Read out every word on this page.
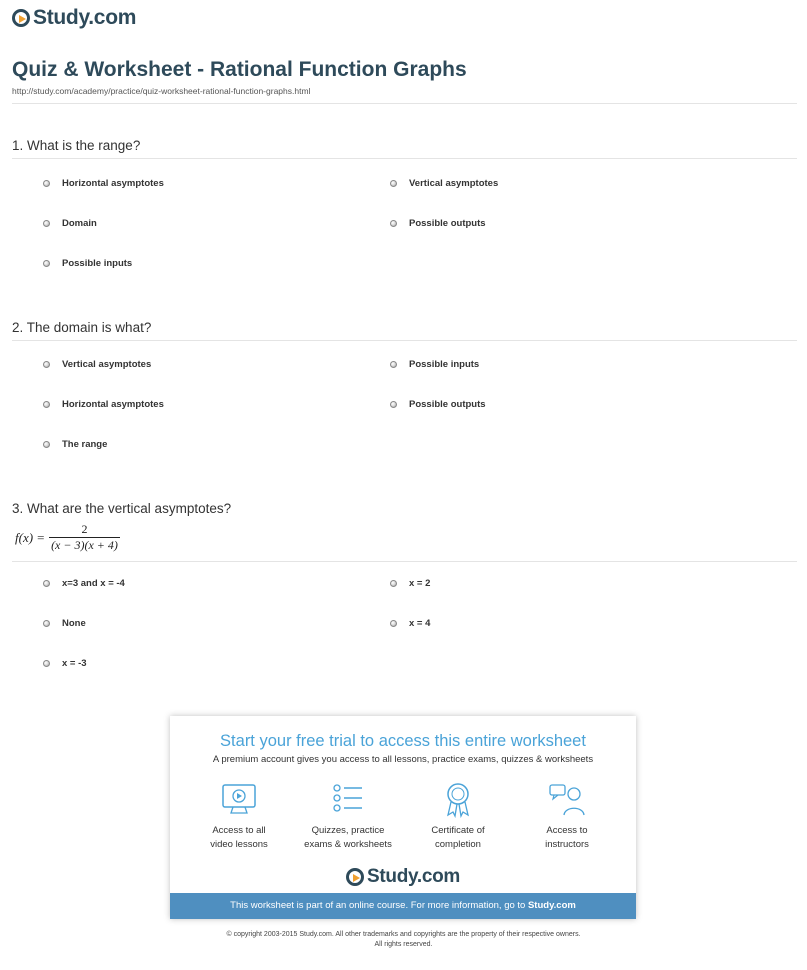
Study.com
Quiz & Worksheet - Rational Function Graphs
http://study.com/academy/practice/quiz-worksheet-rational-function-graphs.html
1. What is the range?
Horizontal asymptotes	Vertical asymptotes
Domain	Possible outputs
Possible inputs
2. The domain is what?
Vertical asymptotes	Possible inputs
Horizontal asymptotes	Possible outputs
The range
3. What are the vertical asymptotes?
$f(x) = \frac{2}{(x - 3)(x + 4)}$
x=3 and x = -4	x = 2
None	x = 4
x = -3
Start your free trial to access this entire worksheet
A premium account gives you access to all lessons, practice exams, quizzes & worksheets
Access to all
video lessons
Quizzes, practice
exams & worksheets
Certificate of
completion
Access to
instructors
Study.com
This worksheet is part of an online course. For more information, go to Study.com
© copyright 2003-2015 Study.com. All other trademarks and copyrights are the property of their respective owners.
All rights reserved.
